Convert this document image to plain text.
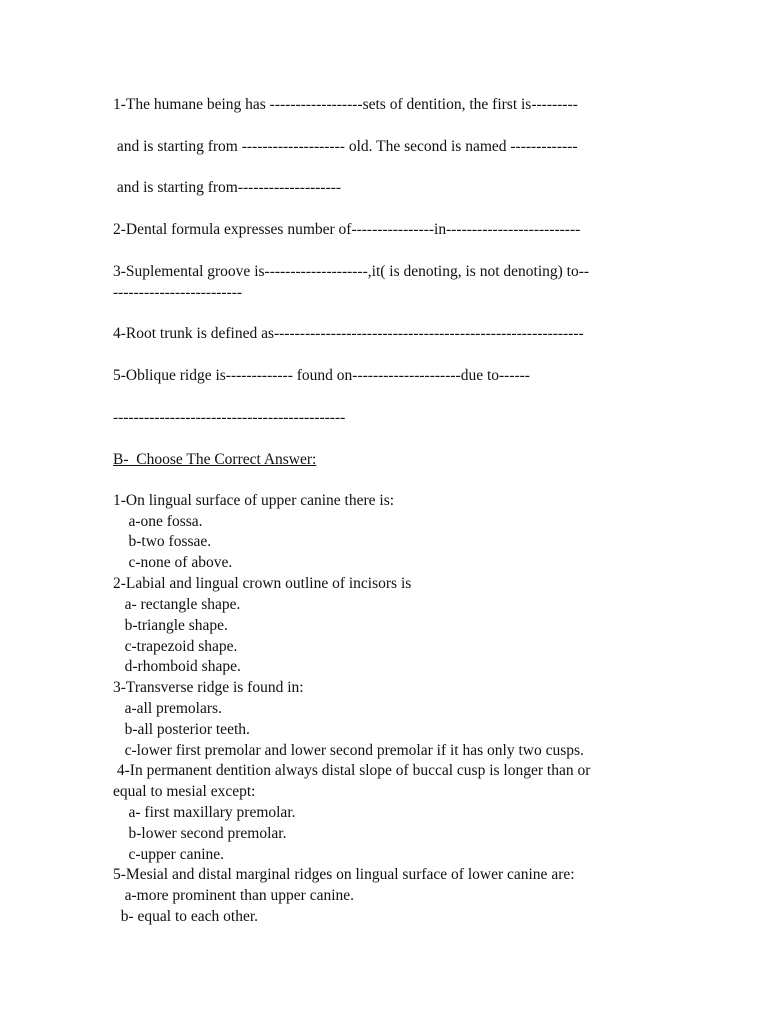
1-The humane being has ------------------sets of dentition, the first is---------
and is starting from -------------------- old. The second is named -------------
and is starting from--------------------
2-Dental formula expresses number of----------------in--------------------------
3-Suplemental groove is--------------------,it( is denoting, is not denoting) to--
-------------------------
4-Root trunk is defined as------------------------------------------------------------
5-Oblique ridge is------------- found on---------------------due to------
---------------------------------------------
B-  Choose The Correct Answer:
1-On lingual surface of upper canine there is:
a-one fossa.
b-two fossae.
c-none of above.
2-Labial and lingual crown outline of incisors is
a- rectangle shape.
b-triangle shape.
c-trapezoid shape.
d-rhomboid shape.
3-Transverse ridge is found in:
a-all premolars.
b-all posterior teeth.
c-lower first premolar and lower second premolar if it has only two cusps.
4-In permanent dentition always distal slope of buccal cusp is longer than or
equal to mesial except:
a- first maxillary premolar.
b-lower second premolar.
c-upper canine.
5-Mesial and distal marginal ridges on lingual surface of lower canine are:
a-more prominent than upper canine.
b- equal to each other.
